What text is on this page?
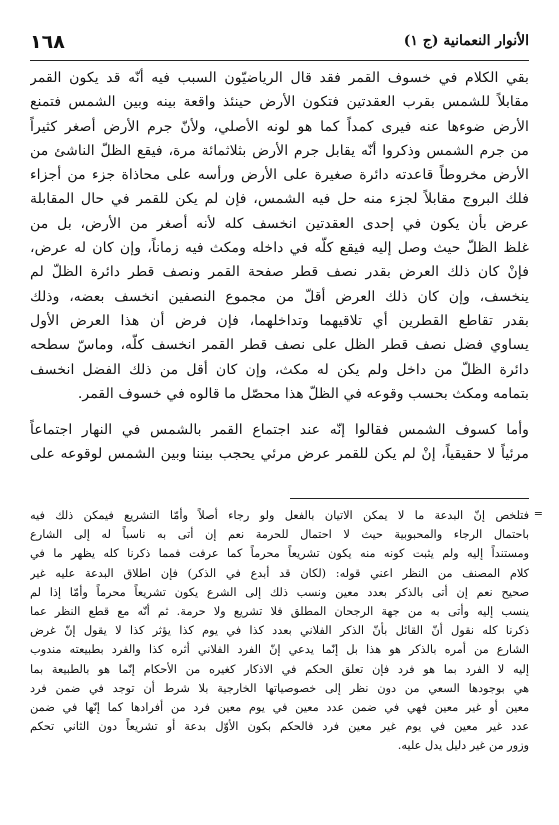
١٦٨	الأنوار النعمانية (ج ١)

بقي الكلام في خسوف القمر فقد قال الرياضيّون السبب فيه أنّه قد يكون القمر
مقابلاً للشمس بقرب العقدتين فتكون الأرض حينئذ واقعة بينه وبين الشمس فتمنع
الأرض ضوءها عنه فيرى كمداً كما هو لونه الأصلي، ولأنّ جرم الأرض أصغر كثيراً
من جرم الشمس وذكروا أنّه يقابل جرم الأرض بثلاثمائة مرة، فيقع الظلّ الناشئ من
الأرض مخروطاً قاعدته دائرة صغيرة على الأرض ورأسه على محاذاة جزء من أجزاء
فلك البروج مقابلاً لجزء منه حل فيه الشمس، فإن لم يكن للقمر في حال المقابلة
عرض بأن يكون في إحدى العقدتين انخسف كله لأنه أصغر من الأرض، بل من
غلظ الظلّ حيث وصل إليه فيقع كلّه في داخله ومكث فيه زماناً، وإن كان له عرض،
فإنْ كان ذلك العرض بقدر نصف قطر صفحة القمر ونصف قطر دائرة الظلّ لم
ينخسف، وإن كان ذلك العرض أقلّ من مجموع النصفين انخسف بعضه، وذلك
بقدر تقاطع القطرين أي تلاقيهما وتداخلهما، فإن فرض أن هذا العرض الأول
يساوي فضل نصف قطر الظل على نصف قطر القمر انخسف كلّه، وماسّ سطحه
دائرة الظلّ من داخل ولم يكن له مكث، وإن كان أقل من ذلك الفضل انخسف
بتمامه ومكث بحسب وقوعه في الظلّ هذا محصّل ما قالوه في خسوف القمر.

وأما كسوف الشمس فقالوا إنّه عند اجتماع القمر بالشمس في النهار اجتماعاً
مرئياً لا حقيقياً، إنْ لم يكن للقمر عرض مرئي يحجب بيننا وبين الشمس لوقوعه على

=
فتلخص إنّ البدعة ما لا يمكن الاتيان بالفعل ولو رجاء أصلاً وأمّا التشريع فيمكن ذلك فيه
باحتمال الرجاء والمحبوبية حيث لا احتمال للحرمة نعم إن أتى به ناسباً له إلى الشارع
ومستنداً إليه ولم يثبت كونه منه يكون تشريعاً محرماً كما عرفت فمما ذكرنا كله يظهر ما في
كلام المصنف من النظر اعني قوله: (لكان قد أبدع في الذكر) فإن اطلاق البدعة عليه غير
صحيح نعم إن أتى بالذكر بعدد معين ونسب ذلك إلى الشرع يكون تشريعاً محرماً وأمّا إذا لم
ينسب إليه وأتى به من جهة الرجحان المطلق فلا تشريع ولا حرمة. ثم أنّه مع قطع النظر عما
ذكرنا كله نقول أنّ القائل بأنّ الذكر الفلاني بعدد كذا في يوم كذا يؤثر كذا لا يقول إنّ غرض
الشارع من أمره بالذكر هو هذا بل إنّما يدعي إنّ الفرد الفلاني أثره كذا والفرد بطبيعته مندوب
إليه لا الفرد بما هو فرد فإن تعلق الحكم في الاذكار كغيره من الأحكام إنّما هو بالطبيعة بما
هي بوجودها السعي من دون نظر إلى خصوصياتها الخارجية بلا شرط أن توجد في ضمن فرد
معين أو غير معين فهي في ضمن عدد معين في يوم معين فرد من أفرادها كما إنّها في ضمن
عدد غير معين في يوم غير معين فرد فالحكم بكون الأوّل بدعة أو تشريعاً دون الثاني تحكم
وزور من غير دليل يدل عليه.
